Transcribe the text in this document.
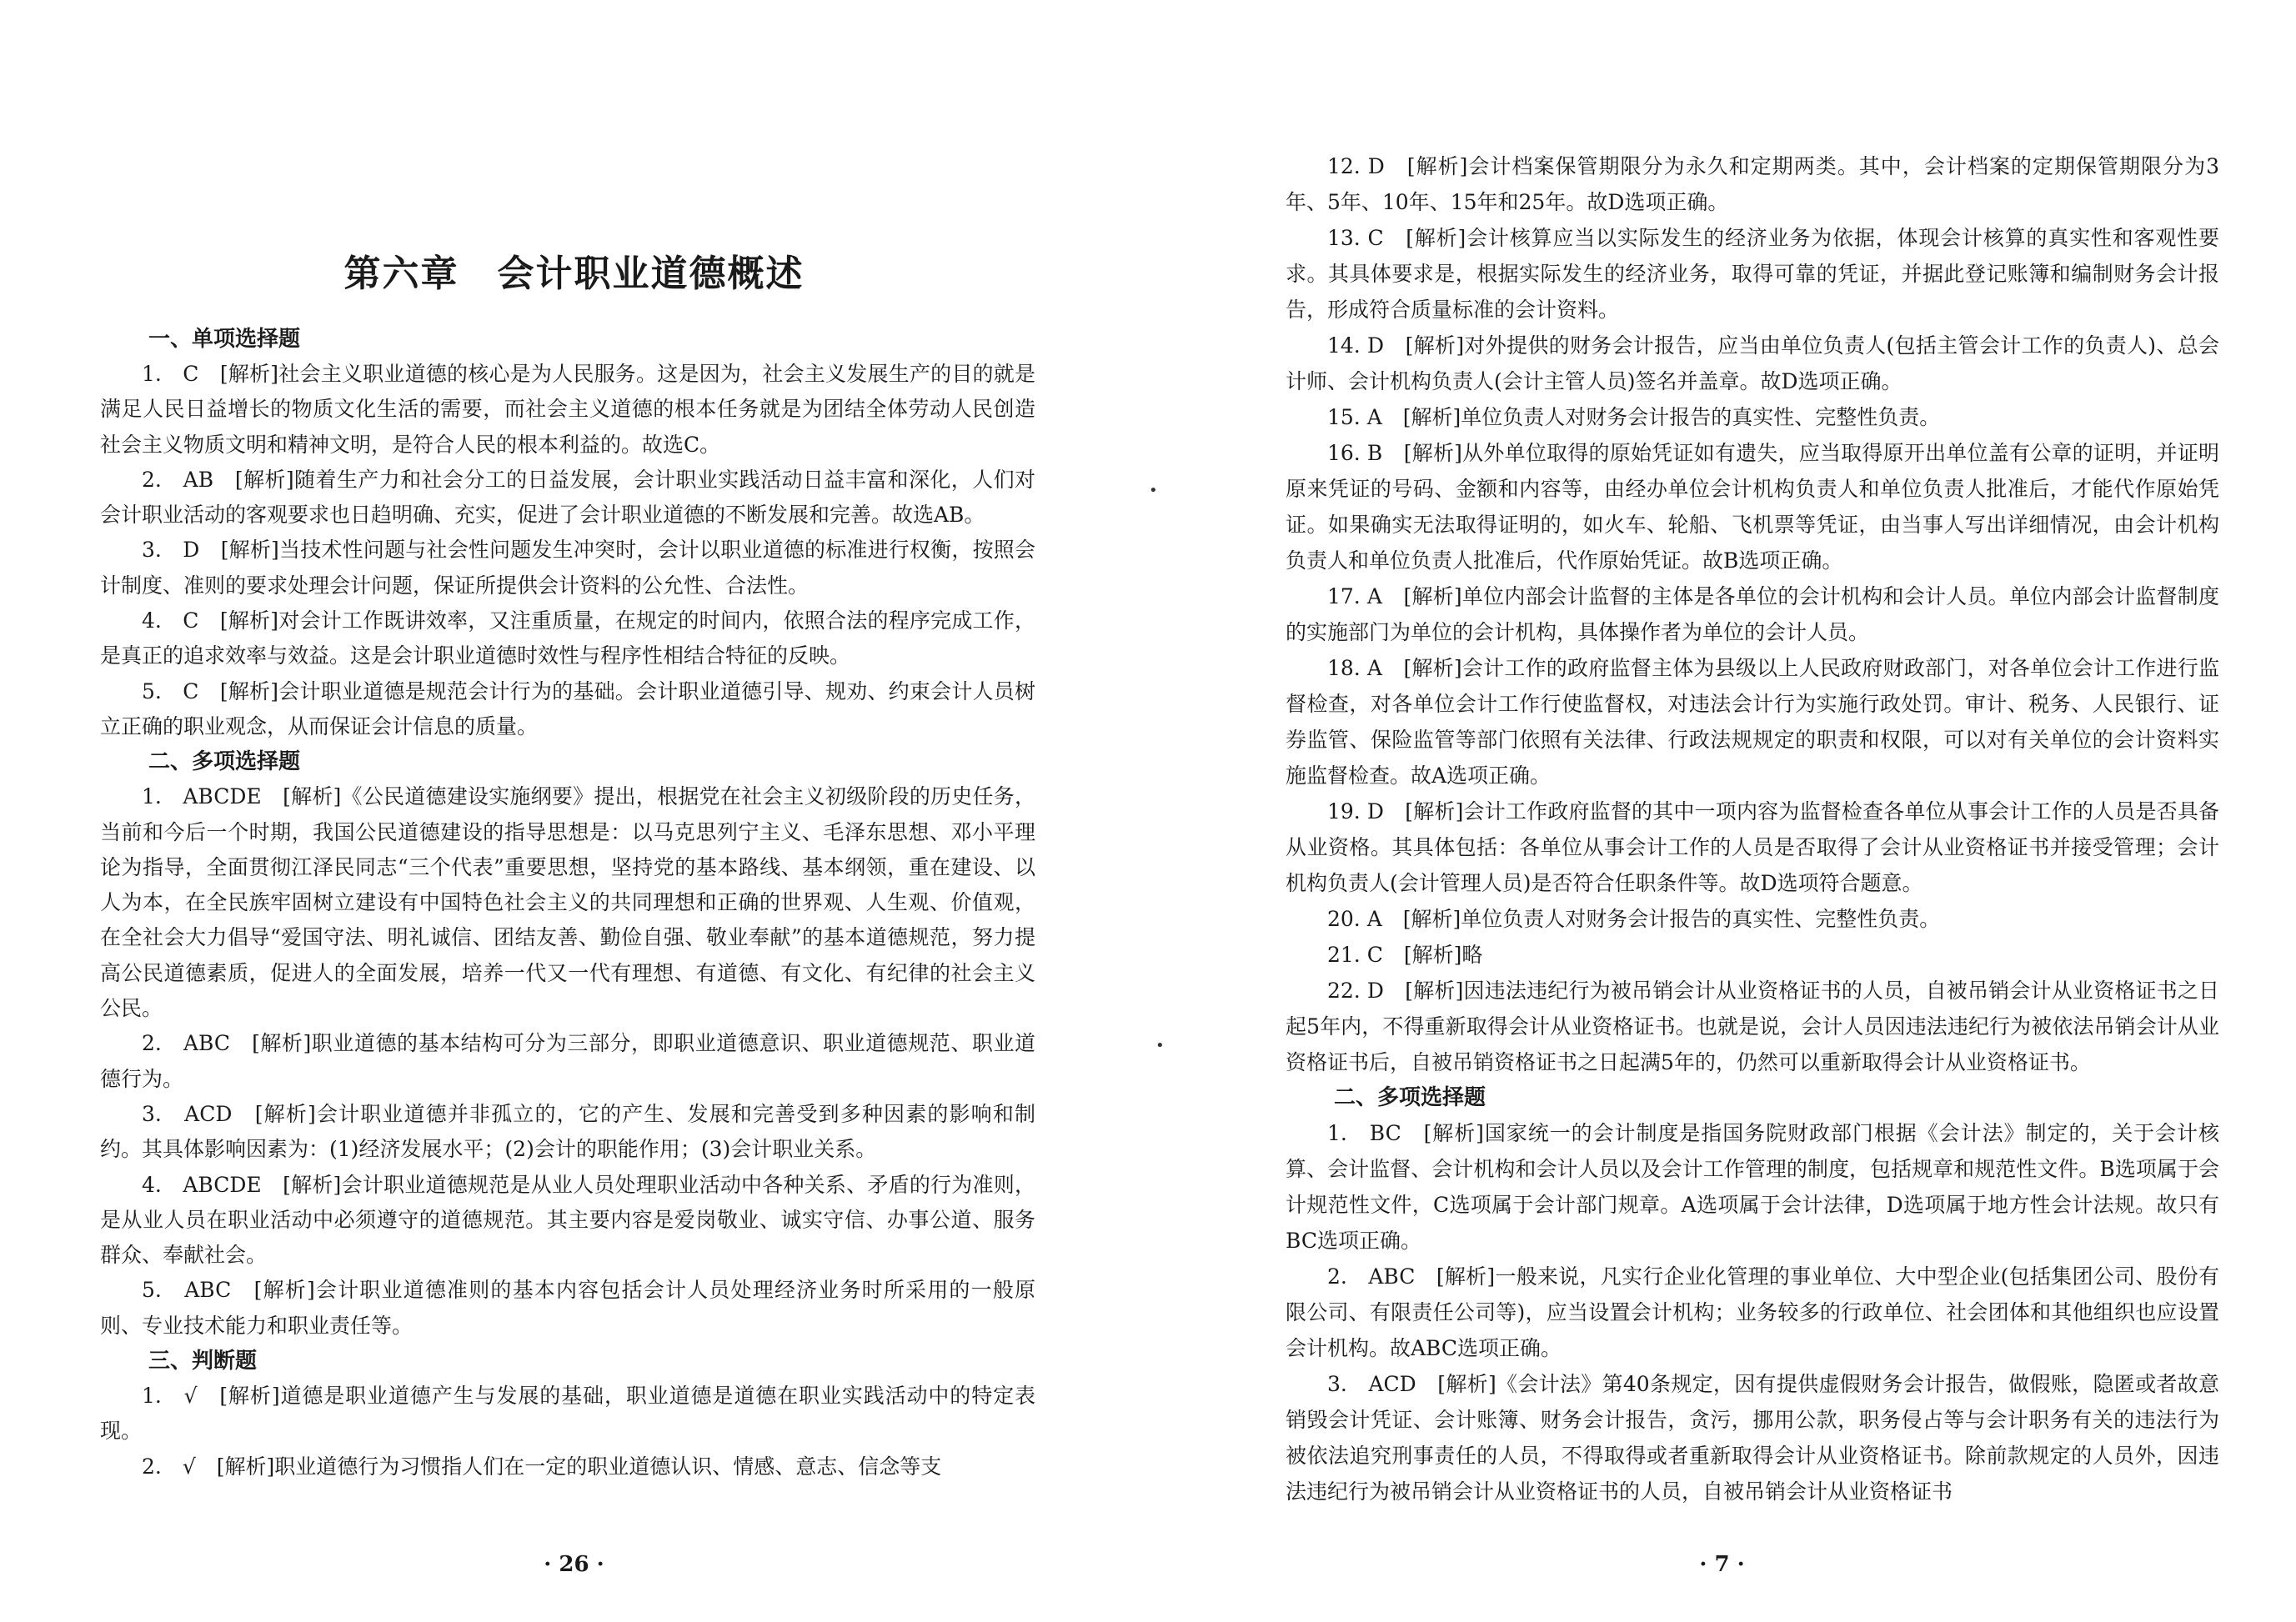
第六章　会计职业道德概述
一、单项选择题

1.　C　[解析]社会主义职业道德的核心是为人民服务。这是因为，社会主义发展生产的目的就是满足人民日益增长的物质文化生活的需要，而社会主义道德的根本任务就是为团结全体劳动人民创造社会主义物质文明和精神文明，是符合人民的根本利益的。故选C。

2.　AB　[解析]随着生产力和社会分工的日益发展，会计职业实践活动日益丰富和深化，人们对会计职业活动的客观要求也日趋明确、充实，促进了会计职业道德的不断发展和完善。故选AB。

3.　D　[解析]当技术性问题与社会性问题发生冲突时，会计以职业道德的标准进行权衡，按照会计制度、准则的要求处理会计问题，保证所提供会计资料的公允性、合法性。

4.　C　[解析]对会计工作既讲效率，又注重质量，在规定的时间内，依照合法的程序完成工作，是真正的追求效率与效益。这是会计职业道德时效性与程序性相结合特征的反映。

5.　C　[解析]会计职业道德是规范会计行为的基础。会计职业道德引导、规劝、约束会计人员树立正确的职业观念，从而保证会计信息的质量。

二、多项选择题

1.　ABCDE　[解析]《公民道德建设实施纲要》提出，根据党在社会主义初级阶段的历史任务，当前和今后一个时期，我国公民道德建设的指导思想是：以马克思列宁主义、毛泽东思想、邓小平理论为指导，全面贯彻江泽民同志“三个代表”重要思想，坚持党的基本路线、基本纲领，重在建设、以人为本，在全民族牢固树立建设有中国特色社会主义的共同理想和正确的世界观、人生观、价值观，在全社会大力倡导“爱国守法、明礼诚信、团结友善、勤俭自强、敬业奉献”的基本道德规范，努力提高公民道德素质，促进人的全面发展，培养一代又一代有理想、有道德、有文化、有纪律的社会主义公民。

2.　ABC　[解析]职业道德的基本结构可分为三部分，即职业道德意识、职业道德规范、职业道德行为。

3.　ACD　[解析]会计职业道德并非孤立的，它的产生、发展和完善受到多种因素的影响和制约。其具体影响因素为：(1)经济发展水平；(2)会计的职能作用；(3)会计职业关系。

4.　ABCDE　[解析]会计职业道德规范是从业人员处理职业活动中各种关系、矛盾的行为准则，是从业人员在职业活动中必须遵守的道德规范。其主要内容是爱岗敬业、诚实守信、办事公道、服务群众、奉献社会。

5.　ABC　[解析]会计职业道德准则的基本内容包括会计人员处理经济业务时所采用的一般原则、专业技术能力和职业责任等。

三、判断题

1.　√　[解析]道德是职业道德产生与发展的基础，职业道德是道德在职业实践活动中的特定表现。

2.　√　[解析]职业道德行为习惯指人们在一定的职业道德认识、情感、意志、信念等支

· 26 ·

12. D　[解析]会计档案保管期限分为永久和定期两类。其中，会计档案的定期保管期限分为3年、5年、10年、15年和25年。故D选项正确。

13. C　[解析]会计核算应当以实际发生的经济业务为依据，体现会计核算的真实性和客观性要求。其具体要求是，根据实际发生的经济业务，取得可靠的凭证，并据此登记账簿和编制财务会计报告，形成符合质量标准的会计资料。

14. D　[解析]对外提供的财务会计报告，应当由单位负责人(包括主管会计工作的负责人)、总会计师、会计机构负责人(会计主管人员)签名并盖章。故D选项正确。

15. A　[解析]单位负责人对财务会计报告的真实性、完整性负责。

16. B　[解析]从外单位取得的原始凭证如有遗失，应当取得原开出单位盖有公章的证明，并证明原来凭证的号码、金额和内容等，由经办单位会计机构负责人和单位负责人批准后，才能代作原始凭证。如果确实无法取得证明的，如火车、轮船、飞机票等凭证，由当事人写出详细情况，由会计机构负责人和单位负责人批准后，代作原始凭证。故B选项正确。

17. A　[解析]单位内部会计监督的主体是各单位的会计机构和会计人员。单位内部会计监督制度的实施部门为单位的会计机构，具体操作者为单位的会计人员。

18. A　[解析]会计工作的政府监督主体为县级以上人民政府财政部门，对各单位会计工作进行监督检查，对各单位会计工作行使监督权，对违法会计行为实施行政处罚。审计、税务、人民银行、证券监管、保险监管等部门依照有关法律、行政法规规定的职责和权限，可以对有关单位的会计资料实施监督检查。故A选项正确。

19. D　[解析]会计工作政府监督的其中一项内容为监督检查各单位从事会计工作的人员是否具备从业资格。其具体包括：各单位从事会计工作的人员是否取得了会计从业资格证书并接受管理；会计机构负责人(会计管理人员)是否符合任职条件等。故D选项符合题意。

20. A　[解析]单位负责人对财务会计报告的真实性、完整性负责。

21. C　[解析]略

22. D　[解析]因违法违纪行为被吊销会计从业资格证书的人员，自被吊销会计从业资格证书之日起5年内，不得重新取得会计从业资格证书。也就是说，会计人员因违法违纪行为被依法吊销会计从业资格证书后，自被吊销资格证书之日起满5年的，仍然可以重新取得会计从业资格证书。

二、多项选择题

1.　BC　[解析]国家统一的会计制度是指国务院财政部门根据《会计法》制定的，关于会计核算、会计监督、会计机构和会计人员以及会计工作管理的制度，包括规章和规范性文件。B选项属于会计规范性文件，C选项属于会计部门规章。A选项属于会计法律，D选项属于地方性会计法规。故只有BC选项正确。

2.　ABC　[解析]一般来说，凡实行企业化管理的事业单位、大中型企业(包括集团公司、股份有限公司、有限责任公司等)，应当设置会计机构；业务较多的行政单位、社会团体和其他组织也应设置会计机构。故ABC选项正确。

3.　ACD　[解析]《会计法》第40条规定，因有提供虚假财务会计报告，做假账，隐匿或者故意销毁会计凭证、会计账簿、财务会计报告，贪污，挪用公款，职务侵占等与会计职务有关的违法行为被依法追究刑事责任的人员，不得取得或者重新取得会计从业资格证书。除前款规定的人员外，因违法违纪行为被吊销会计从业资格证书的人员，自被吊销会计从业资格证书

· 7 ·
•
•
